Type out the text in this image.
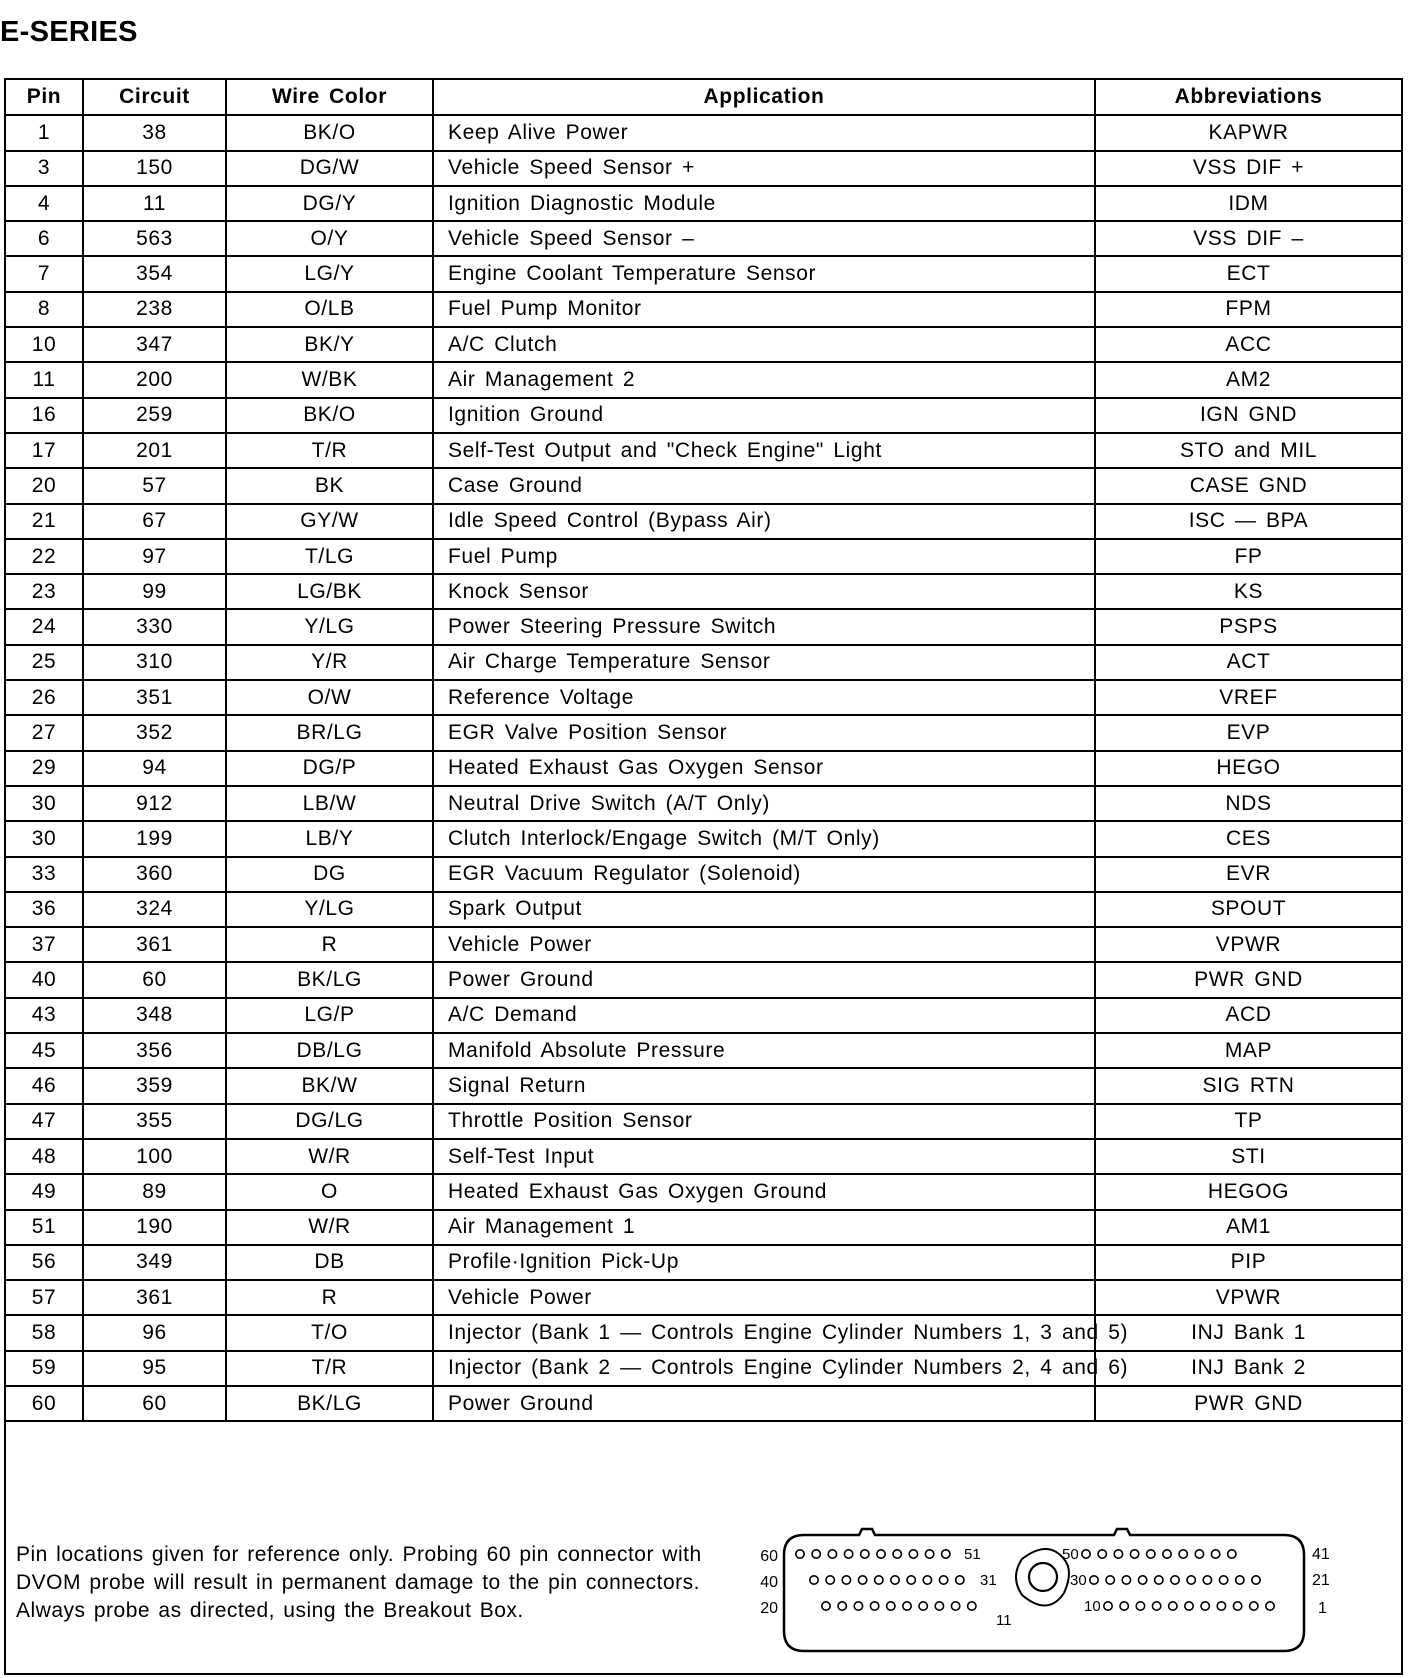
E-SERIES
Pin	Circuit	Wire Color	Application	Abbreviations
1	38	BK/O	Keep Alive Power	KAPWR
3	150	DG/W	Vehicle Speed Sensor +	VSS DIF +
4	11	DG/Y	Ignition Diagnostic Module	IDM
6	563	O/Y	Vehicle Speed Sensor –	VSS DIF –
7	354	LG/Y	Engine Coolant Temperature Sensor	ECT
8	238	O/LB	Fuel Pump Monitor	FPM
10	347	BK/Y	A/C Clutch	ACC
11	200	W/BK	Air Management 2	AM2
16	259	BK/O	Ignition Ground	IGN GND
17	201	T/R	Self-Test Output and "Check Engine" Light	STO and MIL
20	57	BK	Case Ground	CASE GND
21	67	GY/W	Idle Speed Control (Bypass Air)	ISC — BPA
22	97	T/LG	Fuel Pump	FP
23	99	LG/BK	Knock Sensor	KS
24	330	Y/LG	Power Steering Pressure Switch	PSPS
25	310	Y/R	Air Charge Temperature Sensor	ACT
26	351	O/W	Reference Voltage	VREF
27	352	BR/LG	EGR Valve Position Sensor	EVP
29	94	DG/P	Heated Exhaust Gas Oxygen Sensor	HEGO
30	912	LB/W	Neutral Drive Switch (A/T Only)	NDS
30	199	LB/Y	Clutch Interlock/Engage Switch (M/T Only)	CES
33	360	DG	EGR Vacuum Regulator (Solenoid)	EVR
36	324	Y/LG	Spark Output	SPOUT
37	361	R	Vehicle Power	VPWR
40	60	BK/LG	Power Ground	PWR GND
43	348	LG/P	A/C Demand	ACD
45	356	DB/LG	Manifold Absolute Pressure	MAP
46	359	BK/W	Signal Return	SIG RTN
47	355	DG/LG	Throttle Position Sensor	TP
48	100	W/R	Self-Test Input	STI
49	89	O	Heated Exhaust Gas Oxygen Ground	HEGOG
51	190	W/R	Air Management 1	AM1
56	349	DB	Profile·Ignition Pick-Up	PIP
57	361	R	Vehicle Power	VPWR
58	96	T/O	Injector (Bank 1 — Controls Engine Cylinder Numbers 1, 3 and 5)	INJ Bank 1
59	95	T/R	Injector (Bank 2 — Controls Engine Cylinder Numbers 2, 4 and 6)	INJ Bank 2
60	60	BK/LG	Power Ground	PWR GND
Pin locations given for reference only. Probing 60 pin connector with
DVOM probe will result in permanent damage to the pin connectors.
Always probe as directed, using the Breakout Box.
60
40
20
41
21
1
51
31
11
50
30
10
